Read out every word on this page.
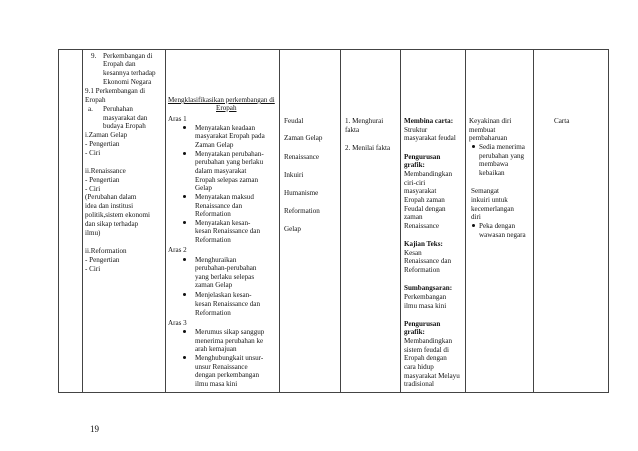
9. Perkembangan di
Eropah dan
kesannya terhadap
Ekonomi Negara
9.1 Perkembangan di
Eropah
a. Peruhahan
masyarakat dan
budaya Eropah
i.Zaman Gelap
- Pengertian
- Ciri
ii.Renaissance
- Pengertian
- Ciri
(Perubahan dalam
idea dan institusi
politik,sistem ekonomi
dan sikap terhadap
ilmu)
ii.Reformation
- Pengertian
- Ciri

Mengklasifikasikan perkembangan di
Eropah
Aras 1
Menyatakan keadaan
masyarakat Eropah pada
Zaman Gelap
Menyatakan perubahan-
perubahan yang berlaku
dalam masyarakat
Eropah selepas zaman
Gelap
Menyatakan maksud
Renaissance dan
Reformation
Menyatakan kesan-
kesan Renaissance dan
Reformation
Aras 2
Menghuraikan
perubahan-perubahan
yang berlaku selepas
zaman Gelap
Menjelaskan kesan-
kesan Renaissance dan
Reformation
Aras 3
Merumus sikap sanggup
menerima perubahan ke
arah kemajuan
Menghubungkait unsur-
unsur Renaissance
dengan perkembangan
ilmu masa kini

Feudal
Zaman Gelap
Renaissance
Inkuiri
Humanisme
Reformation
Gelap

1. Menghurai
fakta
2. Menilai fakta

Membina carta:
Struktur
masyarakat feudal
Pengurusan
grafik:
Membandingkan
ciri-ciri
masyarakat
Eropah zaman
Feudal dengan
zaman
Renaissance
Kajian Teks:
Kesan
Renaissance dan
Reformation
Sumbangsaran:
Perkembangan
ilmu masa kini
Pengurusan
grafik:
Membandingkan
sistem feudal di
Eropah dengan
cara hidup
masyarakat Melayu
tradisional

Keyakinan diri
membuat
pembaharuan
Sedia menerima
perubahan yang
membawa
kebaikan
Semangat
inkuiri untuk
kecemerlangan
diri
Peka dengan
wawasan negara

Carta
19
